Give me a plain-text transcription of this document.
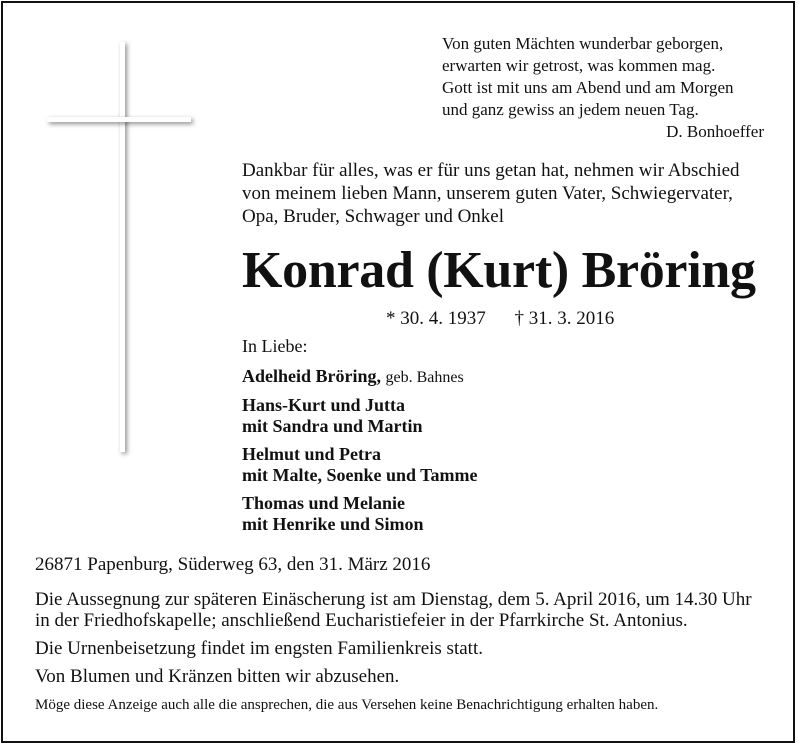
Von guten Mächten wunderbar geborgen,
erwarten wir getrost, was kommen mag.
Gott ist mit uns am Abend und am Morgen
und ganz gewiss an jedem neuen Tag.
D. Bonhoeffer
Dankbar für alles, was er für uns getan hat, nehmen wir Abschied
von meinem lieben Mann, unserem guten Vater, Schwiegervater,
Opa, Bruder, Schwager und Onkel
Konrad (Kurt) Bröring
* 30. 4. 1937 † 31. 3. 2016
In Liebe:
Adelheid Bröring, geb. Bahnes
Hans-Kurt und Jutta
mit Sandra und Martin
Helmut und Petra
mit Malte, Soenke und Tamme
Thomas und Melanie
mit Henrike und Simon
26871 Papenburg, Süderweg 63, den 31. März 2016

Die Aussegnung zur späteren Einäscherung ist am Dienstag, dem 5. April 2016, um 14.30 Uhr
in der Friedhofskapelle; anschließend Eucharistiefeier in der Pfarrkirche St. Antonius.

Die Urnenbeisetzung findet im engsten Familienkreis statt.

Von Blumen und Kränzen bitten wir abzusehen.

Möge diese Anzeige auch alle die ansprechen, die aus Versehen keine Benachrichtigung erhalten haben.
